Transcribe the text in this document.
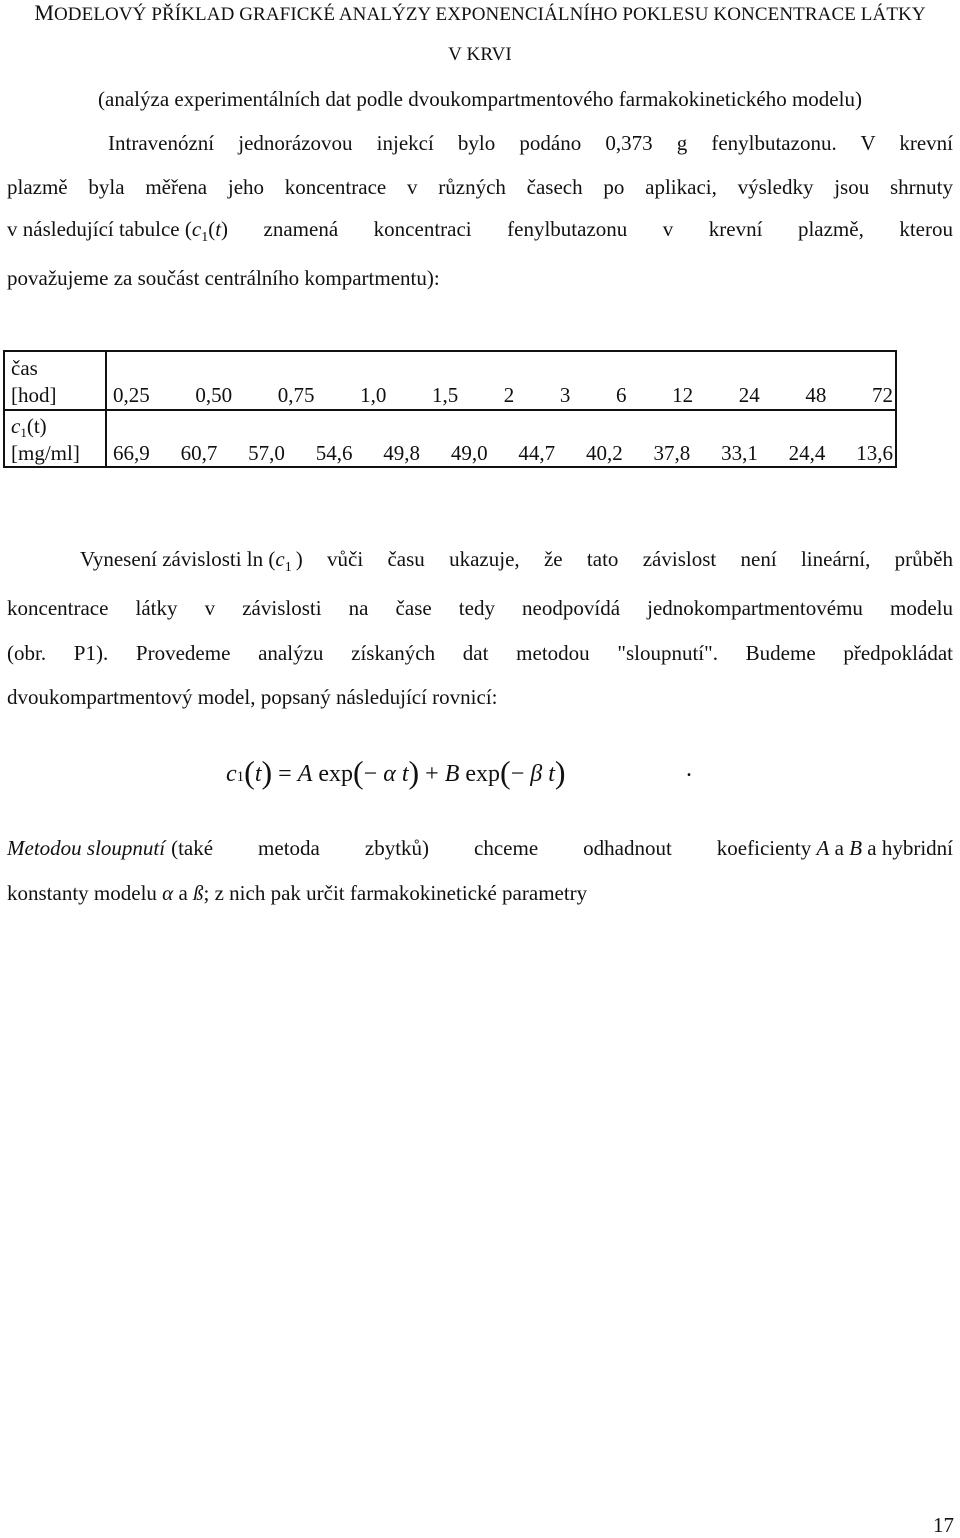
MODELOVÝ PŘÍKLAD GRAFICKÉ ANALÝZY EXPONENCIÁLNÍHO POKLESU KONCENTRACE LÁTKY
V KRVI
(analýza experimentálních dat podle dvoukompartmentového farmakokinetického modelu)
Intravenózní jednorázovou injekcí bylo podáno 0,373 g fenylbutazonu. V krevní
plazmě byla měřena jeho koncentrace v různých časech po aplikaci, výsledky jsou shrnuty
v následující tabulce ($c_1(t$ ) znamená koncentraci fenylbutazonu v krevní plazmě, kterou
považujeme za součást centrálního kompartmentu):
čas
[hod]	0,25 0,50 0,75 1,0 1,5 2 3 6 12 24 48 72
c1(t)
[mg/ml] 66,9 60,7 57,0 54,6 49,8 49,0 44,7 40,2 37,8 33,1 24,4 13,6
Vynesení závislosti $\ln (c_1$ ) vůči času ukazuje, že tato závislost není lineární, průběh
koncentrace látky v závislosti na čase tedy neodpovídá jednokompartmentovému modelu
(obr. P1). Provedeme analýzu získaných dat metodou "sloupnutí". Budeme předpokládat
dvoukompartmentový model, popsaný následující rovnicí:
c1(t) = A exp(− α t) + B exp(− β t)	.
Metodou sloupnutí (také metoda zbytků) chceme odhadnout koeficienty A a B a hybridní
konstanty modelu α a ß; z nich pak určit farmakokinetické parametry
17
